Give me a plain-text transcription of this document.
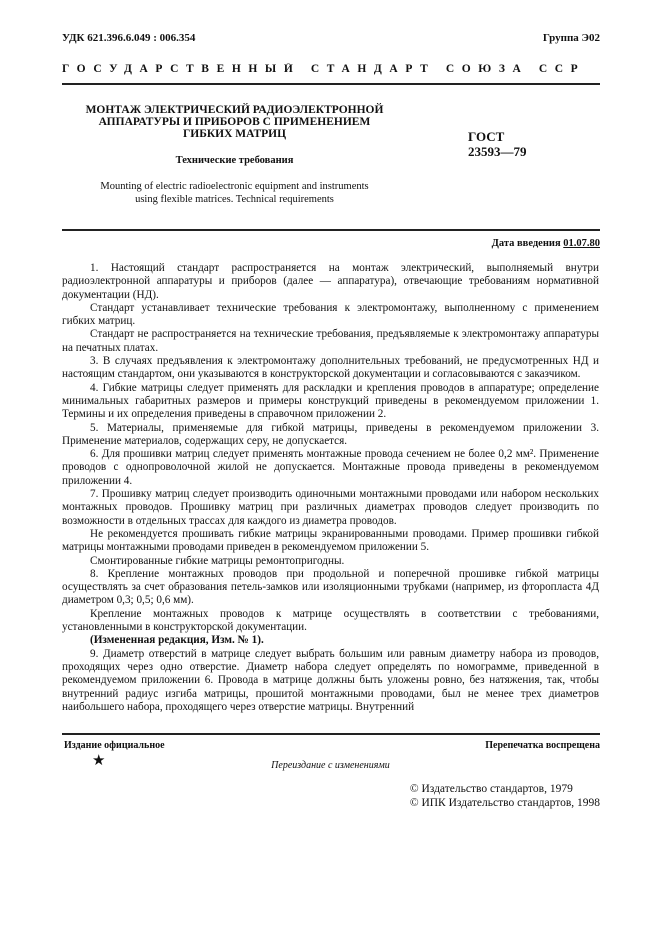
УДК 621.396.6.049 : 006.354	Группа Э02
ГОСУДАРСТВЕННЫЙ СТАНДАРТ СОЮЗА ССР
МОНТАЖ ЭЛЕКТРИЧЕСКИЙ РАДИОЭЛЕКТРОННОЙ
АППАРАТУРЫ И ПРИБОРОВ С ПРИМЕНЕНИЕМ
ГИБКИХ МАТРИЦ	ГОСТ
23593—79
Технические требования
Mounting of electric radioelectronic equipment and instruments
using flexible matrices. Technical requirements
Дата введения 01.07.80

1. Настоящий стандарт распространяется на монтаж электрический, выполняемый внутри радиоэлектронной аппаратуры и приборов (далее — аппаратура), отвечающие требованиям нормативной документации (НД).

Стандарт устанавливает технические требования к электромонтажу, выполненному с применением гибких матриц.

Стандарт не распространяется на технические требования, предъявляемые к электромонтажу аппаратуры на печатных платах.

3. В случаях предъявления к электромонтажу дополнительных требований, не предусмотренных НД и настоящим стандартом, они указываются в конструкторской документации и согласовываются с заказчиком.

4. Гибкие матрицы следует применять для раскладки и крепления проводов в аппаратуре; определение минимальных габаритных размеров и примеры конструкций приведены в рекомендуемом приложении 1. Термины и их определения приведены в справочном приложении 2.

5. Материалы, применяемые для гибкой матрицы, приведены в рекомендуемом приложении 3. Применение материалов, содержащих серу, не допускается.

6. Для прошивки матриц следует применять монтажные провода сечением не более 0,2 мм². Применение проводов с однопроволочной жилой не допускается. Монтажные провода приведены в рекомендуемом приложении 4.

7. Прошивку матриц следует производить одиночными монтажными проводами или набором нескольких монтажных проводов. Прошивку матриц при различных диаметрах проводов следует производить по возможности в отдельных трассах для каждого из диаметра проводов.

Не рекомендуется прошивать гибкие матрицы экранированными проводами. Пример прошивки гибкой матрицы монтажными проводами приведен в рекомендуемом приложении 5.

Смонтированные гибкие матрицы ремонтопригодны.

8. Крепление монтажных проводов при продольной и поперечной прошивке гибкой матрицы осуществлять за счет образования петель-замков или изоляционными трубками (например, из фторопласта 4Д диаметром 0,3; 0,5; 0,6 мм).

Крепление монтажных проводов к матрице осуществлять в соответствии с требованиями, установленными в конструкторской документации.

(Измененная редакция, Изм. № 1).

9. Диаметр отверстий в матрице следует выбрать большим или равным диаметру набора из проводов, проходящих через одно отверстие. Диаметр набора следует определять по номограмме, приведенной в рекомендуемом приложении 6. Провода в матрице должны быть уложены ровно, без натяжения, так, чтобы внутренний радиус изгиба матрицы, прошитой монтажными проводами, был не менее трех диаметров наибольшего набора, проходящего через отверстие матрицы. Внутренний

Издание официальное	Перепечатка воспрещена
★	Переиздание с изменениями
© Издательство стандартов, 1979
© ИПК Издательство стандартов, 1998
